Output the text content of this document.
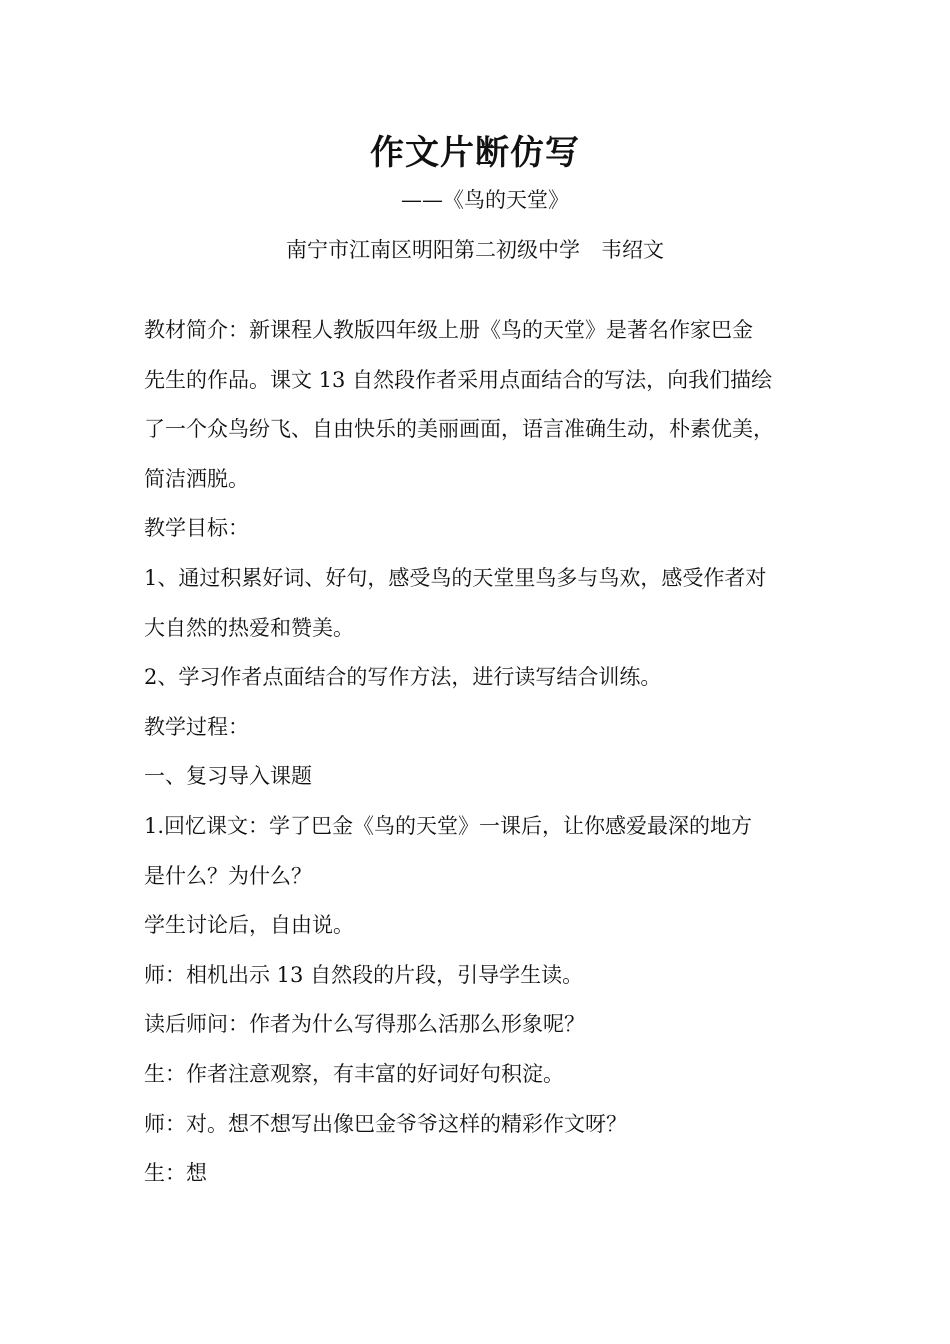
作文片断仿写
——《鸟的天堂》
南宁市江南区明阳第二初级中学　韦绍文

教材简介：新课程人教版四年级上册《鸟的天堂》是著名作家巴金

先生的作品。课文 13 自然段作者采用点面结合的写法，向我们描绘

了一个众鸟纷飞、自由快乐的美丽画面，语言准确生动，朴素优美，

简洁洒脱。

教学目标：

1、通过积累好词、好句，感受鸟的天堂里鸟多与鸟欢，感受作者对

大自然的热爱和赞美。

2、学习作者点面结合的写作方法，进行读写结合训练。

教学过程：

一、复习导入课题

1.回忆课文：学了巴金《鸟的天堂》一课后，让你感爱最深的地方

是什么？为什么？

学生讨论后，自由说。

师：相机出示 13 自然段的片段，引导学生读。

读后师问：作者为什么写得那么活那么形象呢？

生：作者注意观察，有丰富的好词好句积淀。

师：对。想不想写出像巴金爷爷这样的精彩作文呀？

生：想
